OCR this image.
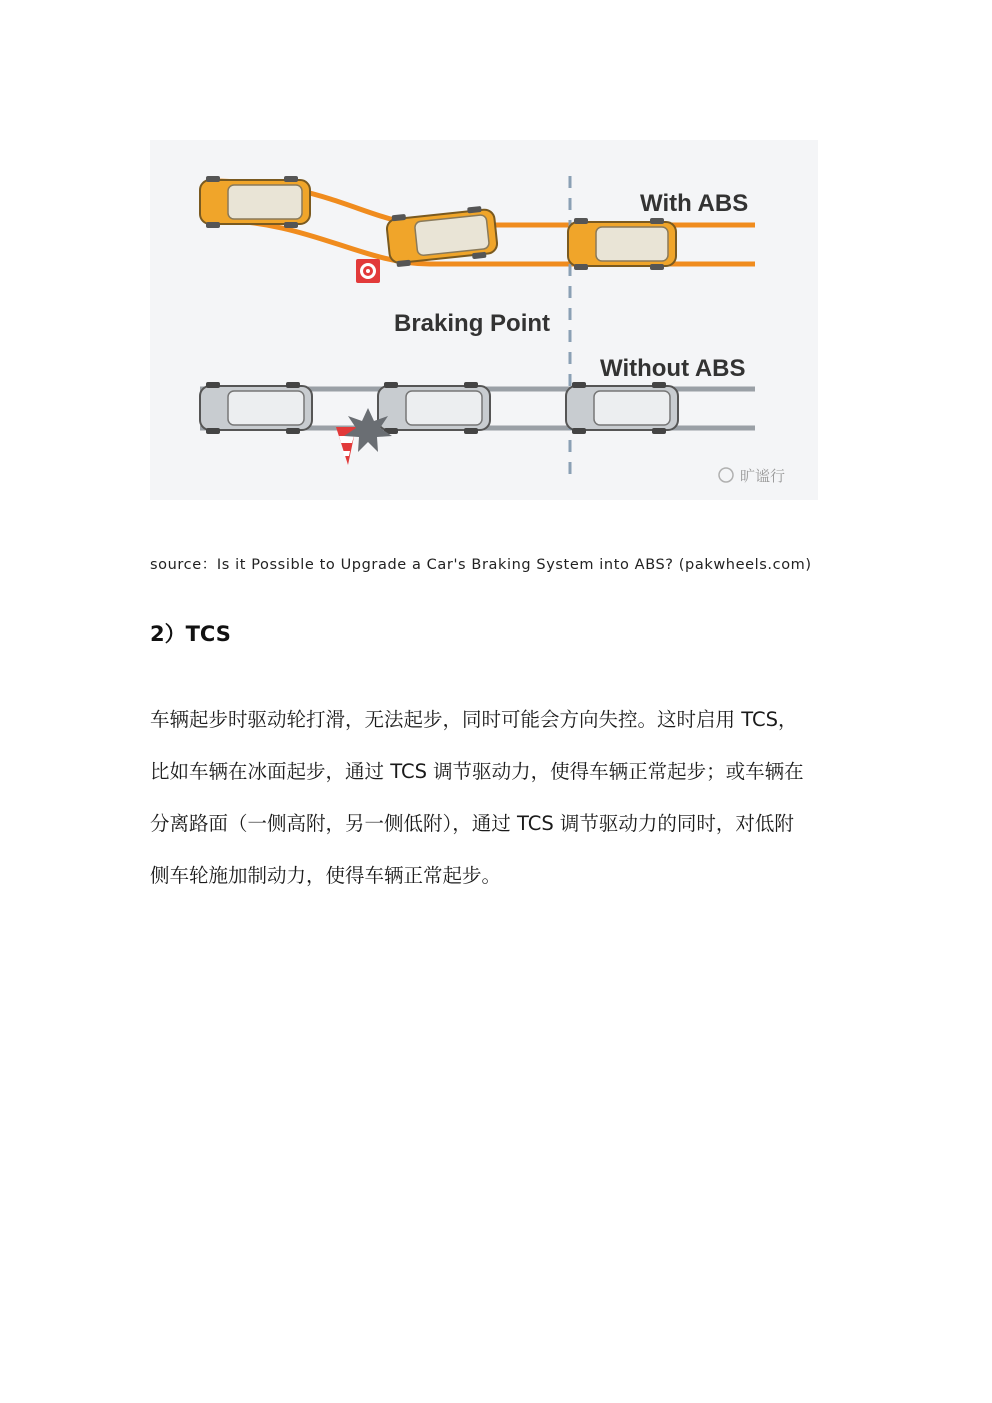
With ABS
Braking Point
Without ABS
旷谧行
source：Is it Possible to Upgrade a Car's Braking System into ABS? (pakwheels.com)
2）TCS
车辆起步时驱动轮打滑，无法起步，同时可能会方向失控。这时启用 TCS，
比如车辆在冰面起步，通过 TCS 调节驱动力，使得车辆正常起步；或车辆在
分离路面（一侧高附，另一侧低附），通过 TCS 调节驱动力的同时，对低附
侧车轮施加制动力，使得车辆正常起步。
